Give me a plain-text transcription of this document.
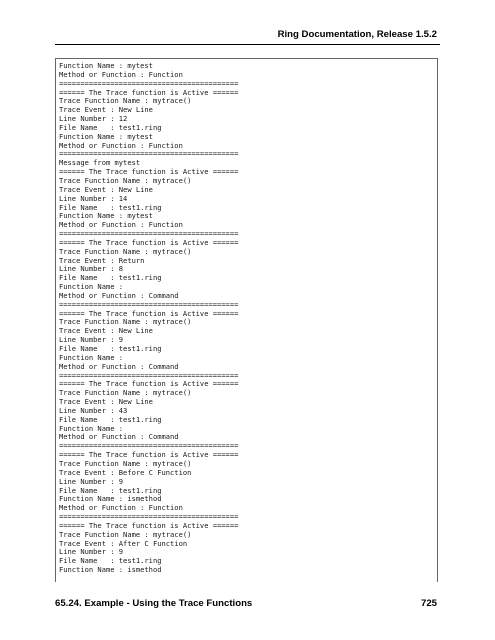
Ring Documentation, Release 1.5.2
Function Name : mytest
Method or Function : Function
==========================================
====== The Trace function is Active ======
Trace Function Name : mytrace()
Trace Event : New Line
Line Number : 12
File Name   : test1.ring
Function Name : mytest
Method or Function : Function
==========================================
Message from mytest
====== The Trace function is Active ======
Trace Function Name : mytrace()
Trace Event : New Line
Line Number : 14
File Name   : test1.ring
Function Name : mytest
Method or Function : Function
==========================================
====== The Trace function is Active ======
Trace Function Name : mytrace()
Trace Event : Return
Line Number : 8
File Name   : test1.ring
Function Name :
Method or Function : Command
==========================================
====== The Trace function is Active ======
Trace Function Name : mytrace()
Trace Event : New Line
Line Number : 9
File Name   : test1.ring
Function Name :
Method or Function : Command
==========================================
====== The Trace function is Active ======
Trace Function Name : mytrace()
Trace Event : New Line
Line Number : 43
File Name   : test1.ring
Function Name :
Method or Function : Command
==========================================
====== The Trace function is Active ======
Trace Function Name : mytrace()
Trace Event : Before C Function
Line Number : 9
File Name   : test1.ring
Function Name : ismethod
Method or Function : Function
==========================================
====== The Trace function is Active ======
Trace Function Name : mytrace()
Trace Event : After C Function
Line Number : 9
File Name   : test1.ring
Function Name : ismethod
65.24. Example - Using the Trace Functions	725
